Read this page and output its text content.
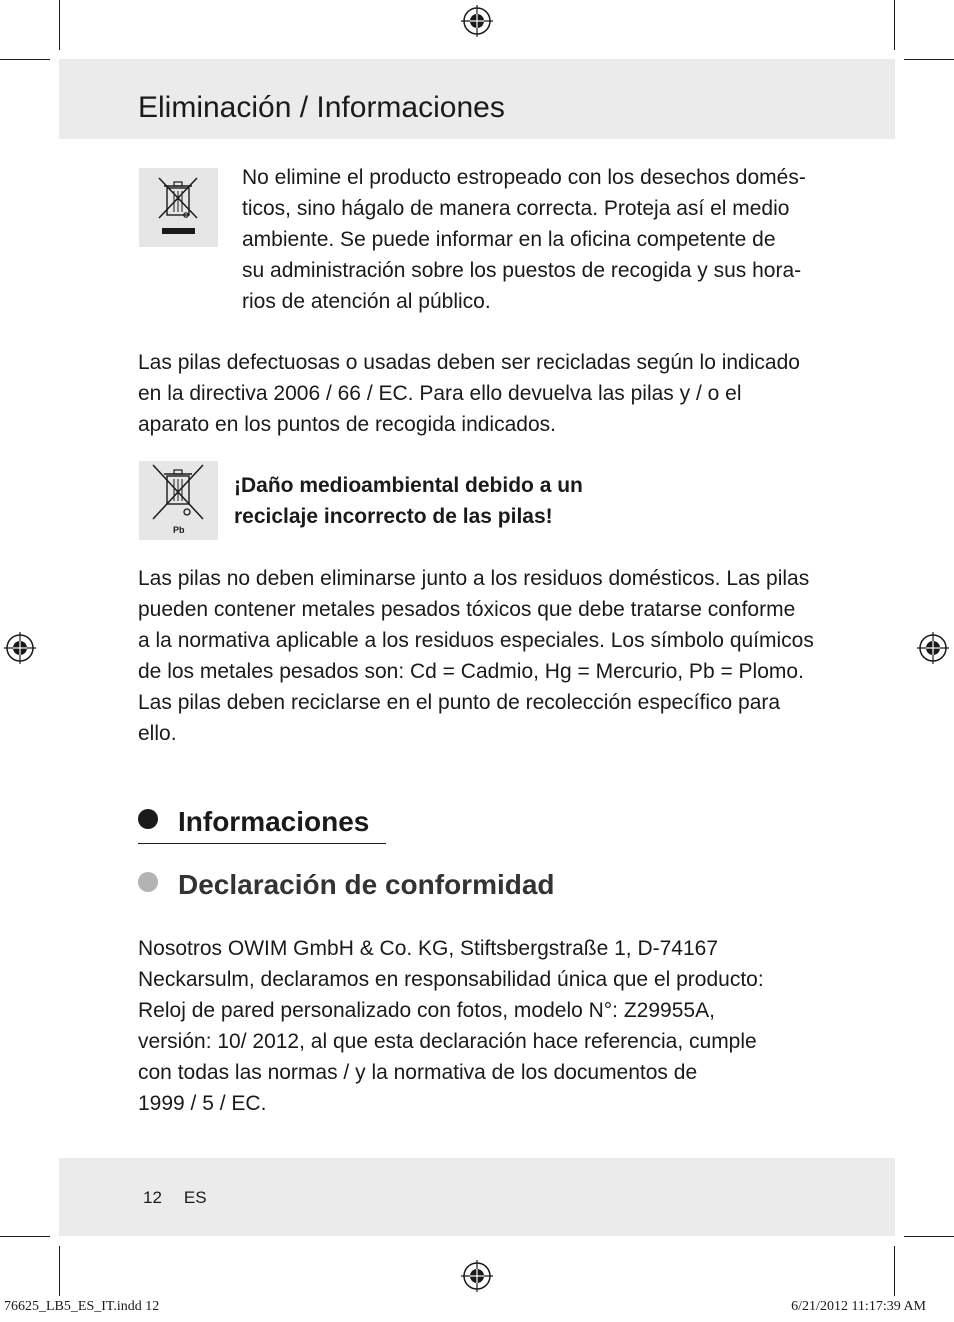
Eliminación / Informaciones
No elimine el producto estropeado con los desechos domés-
ticos, sino hágalo de manera correcta. Proteja así el medio
ambiente. Se puede informar en la oficina competente de
su administración sobre los puestos de recogida y sus hora-
rios de atención al público.
Las pilas defectuosas o usadas deben ser recicladas según lo indicado
en la directiva 2006 / 66 / EC. Para ello devuelva las pilas y / o el
aparato en los puntos de recogida indicados.
Pb
¡Daño medioambiental debido a un
reciclaje incorrecto de las pilas!
Las pilas no deben eliminarse junto a los residuos domésticos. Las pilas
pueden contener metales pesados tóxicos que debe tratarse conforme
a la normativa aplicable a los residuos especiales. Los símbolo químicos
de los metales pesados son: Cd = Cadmio, Hg = Mercurio, Pb = Plomo.
Las pilas deben reciclarse en el punto de recolección específico para
ello.
Informaciones
Declaración de conformidad
Nosotros OWIM GmbH & Co. KG, Stiftsbergstraße 1, D-74167
Neckarsulm, declaramos en responsabilidad única que el producto:
Reloj de pared personalizado con fotos, modelo N°: Z29955A,
versión: 10/ 2012, al que esta declaración hace referencia, cumple
con todas las normas / y la normativa de los documentos de
1999 / 5 / EC.
12 ES
76625_LB5_ES_IT.indd 12	6/21/2012 11:17:39 AM
